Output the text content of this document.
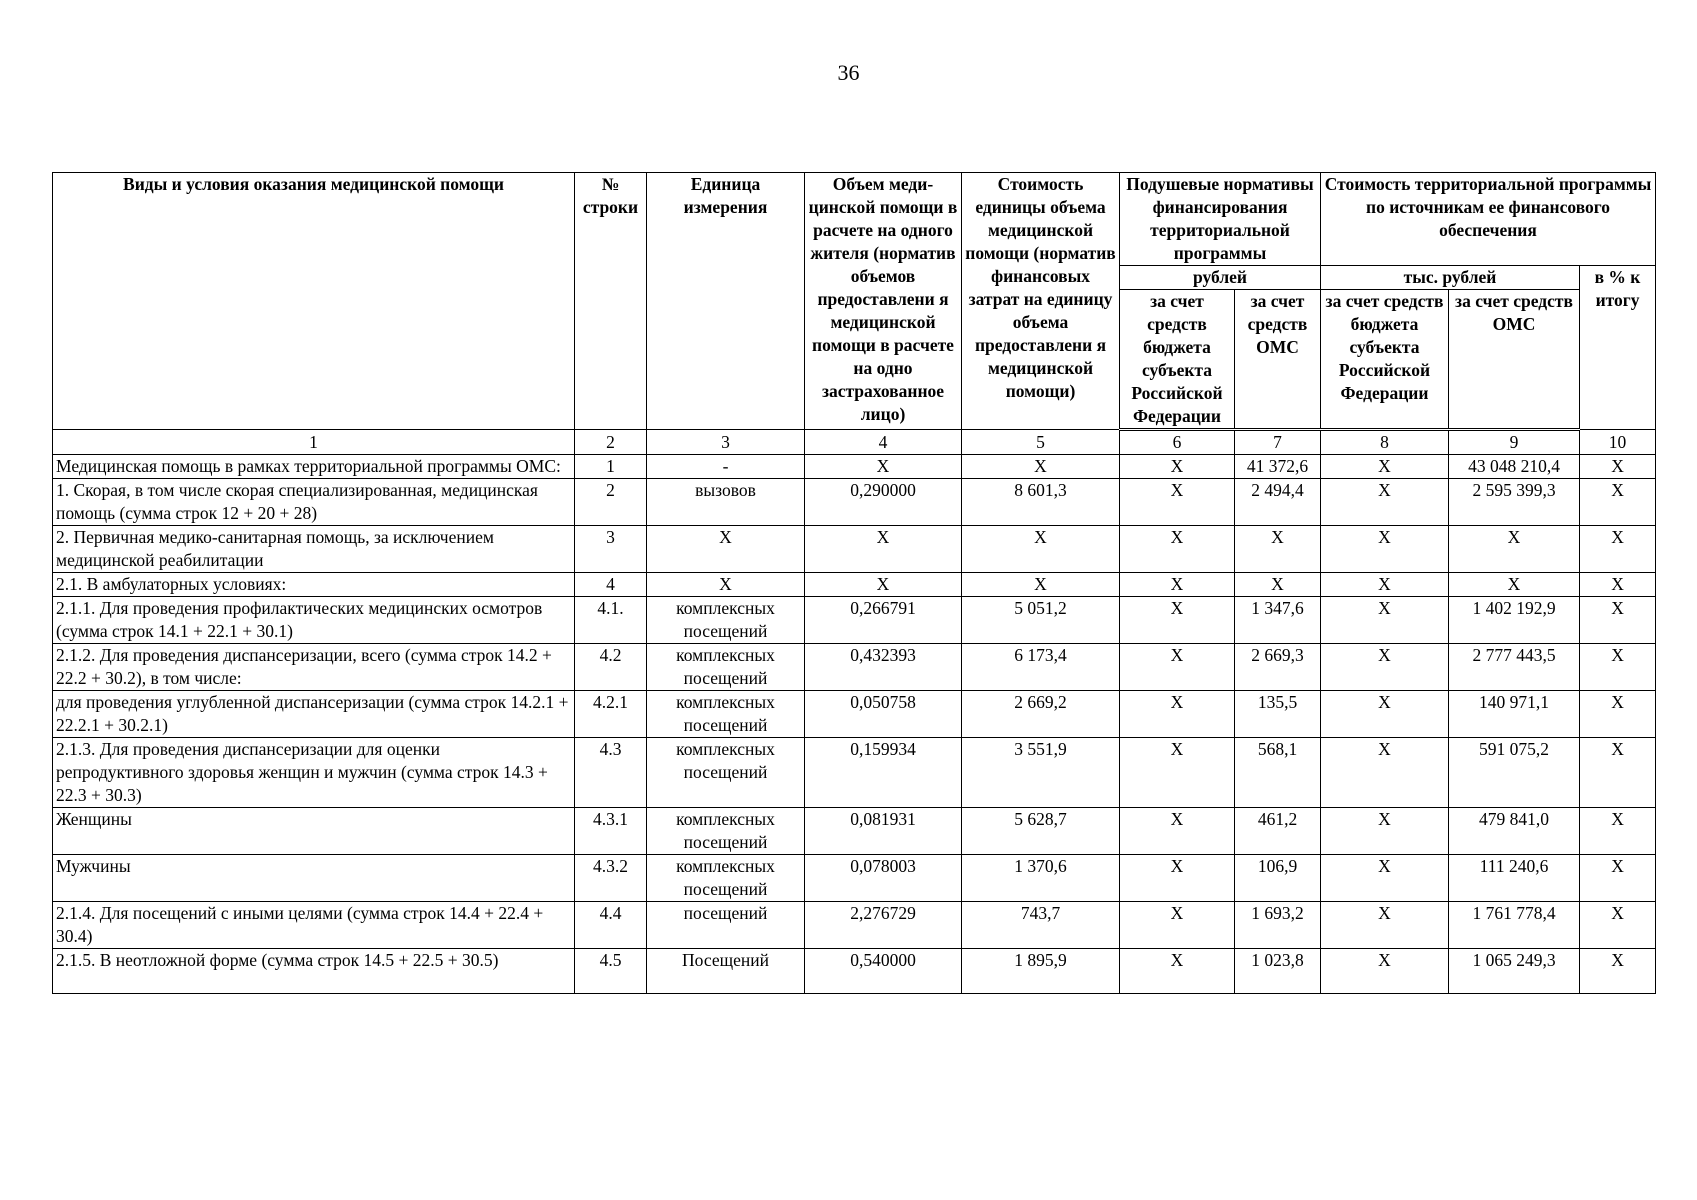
36
Виды и условия оказания медицинской помощи	№ строки	Единица измерения	Объем меди-цинской помощи в расчете на одного жителя (норматив объемов предоставлени я медицинской помощи в расчете на одно застрахованное лицо)	Стоимость единицы объема медицинской помощи (норматив финансовых затрат на единицу объема предоставлени я медицинской помощи)	Подушевые нормативы финансирования территориальной программы		Стоимость территориальной программы по источникам ее финансового обеспечения		
					рублей		тыс. рублей		в % к итогу
					за счет средств бюджета субъекта Российской Федерации	за счет средств ОМС	за счет средств бюджета субъекта Российской Федерации	за счет средств ОМС	
1	2	3	4	5	6	7	8	9	10
Медицинская помощь в рамках территориальной программы ОМС:	1	-	X	X	X	41 372,6	X	43 048 210,4	X
1. Скорая, в том числе скорая специализированная, медицинская помощь (сумма строк 12 + 20 + 28)	2	вызовов	0,290000	8 601,3	X	2 494,4	X	2 595 399,3	X
2. Первичная медико-санитарная помощь, за исключением медицинской реабилитации	3	X	X	X	X	X	X	X	X
2.1. В амбулаторных условиях:	4	X	X	X	X	X	X	X	X
2.1.1. Для проведения профилактических медицинских осмотров (сумма строк 14.1 + 22.1 + 30.1)	4.1.	комплексных посещений	0,266791	5 051,2	X	1 347,6	X	1 402 192,9	X
2.1.2. Для проведения диспансеризации, всего (сумма строк 14.2 + 22.2 + 30.2), в том числе:	4.2	комплексных посещений	0,432393	6 173,4	X	2 669,3	X	2 777 443,5	X
для проведения углубленной диспансеризации (сумма строк 14.2.1 + 22.2.1 + 30.2.1)	4.2.1	комплексных посещений	0,050758	2 669,2	X	135,5	X	140 971,1	X
2.1.3. Для проведения диспансеризации для оценки репродуктивного здоровья женщин и мужчин (сумма строк 14.3 + 22.3 + 30.3)	4.3	комплексных посещений	0,159934	3 551,9	X	568,1	X	591 075,2	X
Женщины	4.3.1	комплексных посещений	0,081931	5 628,7	X	461,2	X	479 841,0	X
Мужчины	4.3.2	комплексных посещений	0,078003	1 370,6	X	106,9	X	111 240,6	X
2.1.4. Для посещений с иными целями (сумма строк 14.4 + 22.4 + 30.4)	4.4	посещений	2,276729	743,7	X	1 693,2	X	1 761 778,4	X
2.1.5. В неотложной форме (сумма строк 14.5 + 22.5 + 30.5)	4.5	Посещений	0,540000	1 895,9	X	1 023,8	X	1 065 249,3	X
